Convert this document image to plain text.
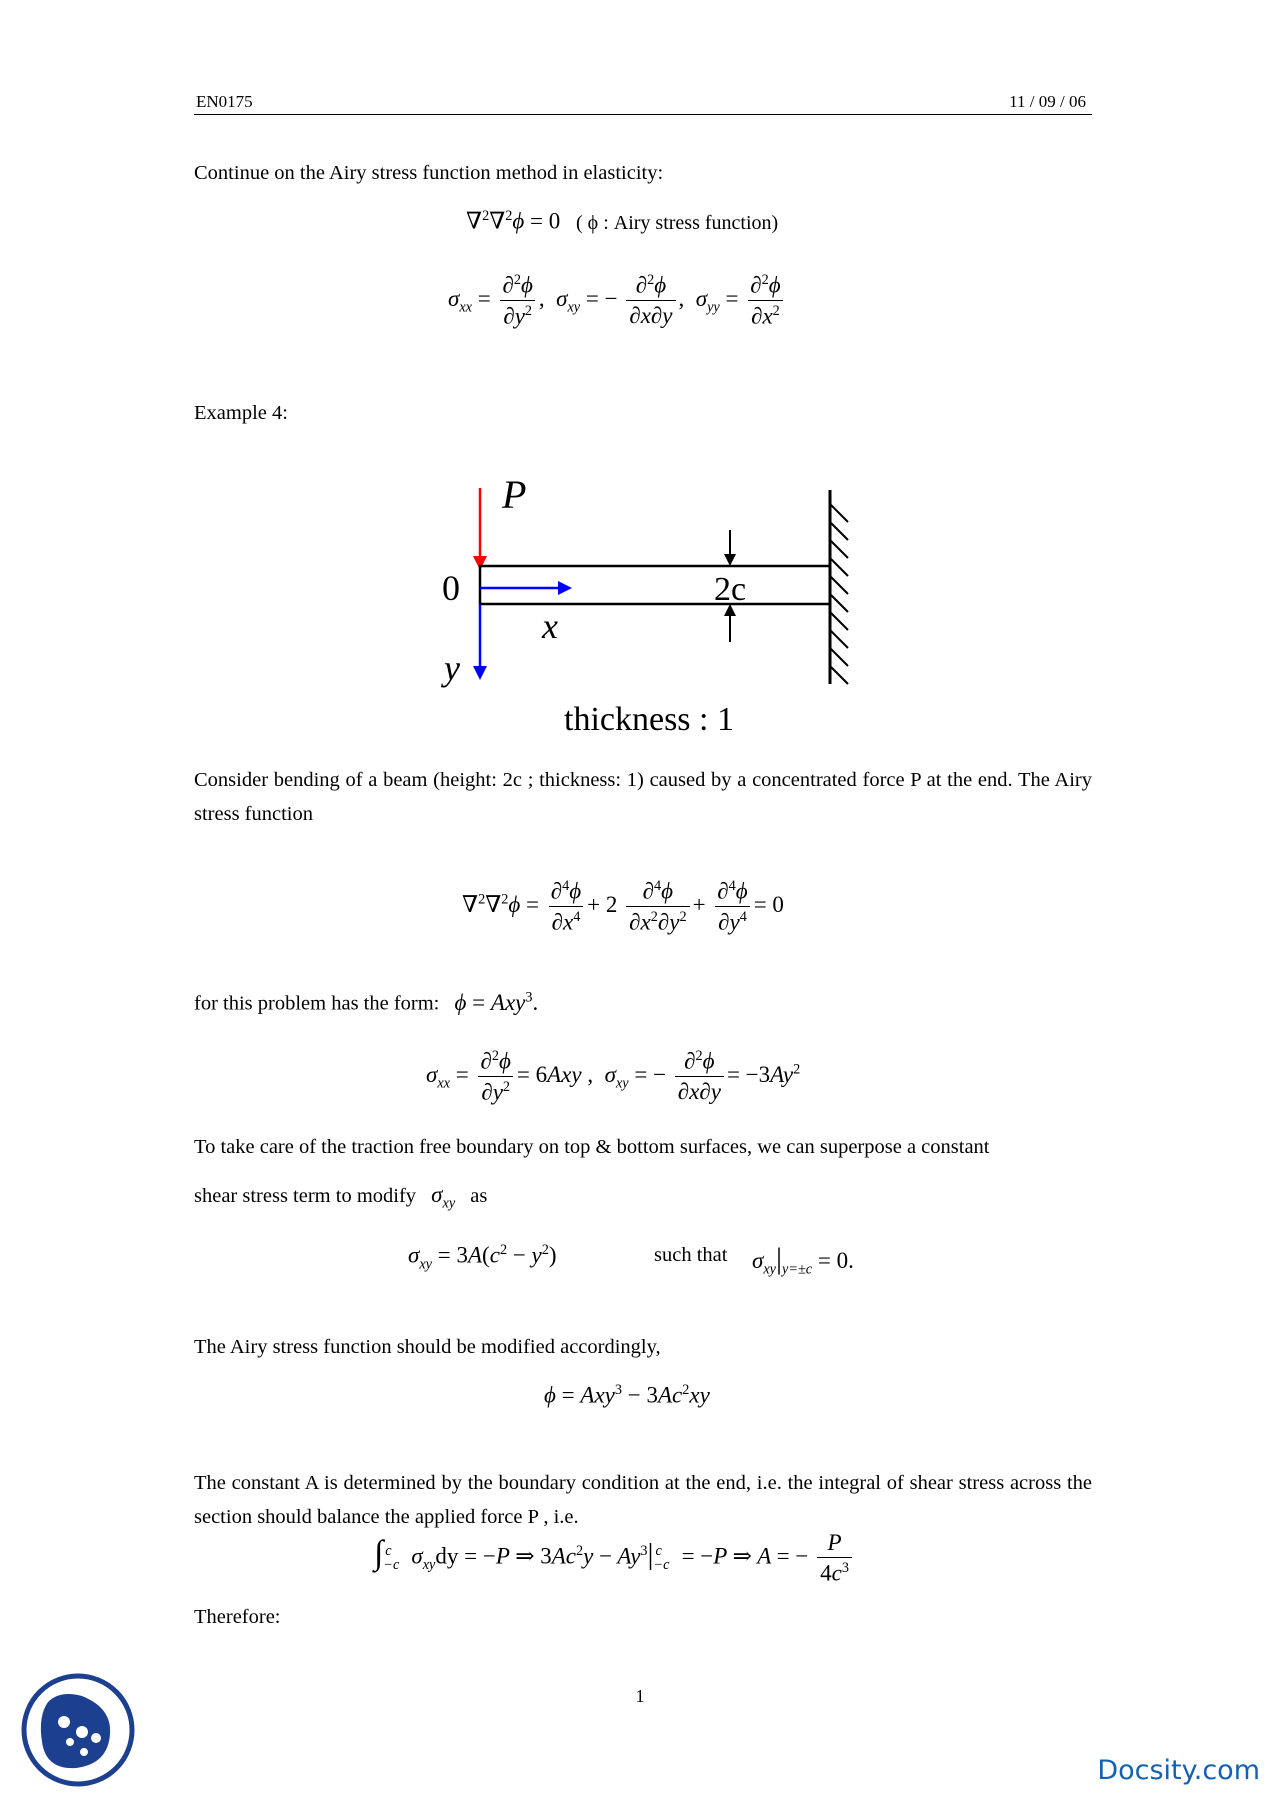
EN0175	11 / 09 / 06
Continue on the Airy stress function method in elasticity:
∇$^2$∇$^2$ϕ = 0 ( ϕ : Airy stress function)
$\sigma_{xx} = \frac{\partial^2\phi}{\partial y^2}$ ,  $\sigma_{xy}$ = − $\frac{\partial^2\phi}{\partial x\partial y}$ ,  $\sigma_{yy} = \frac{\partial^2\phi}{\partial x^2}$
Example 4:
P
0
x
y
2c
thickness : 1
Consider bending of a beam (height: 2c ; thickness: 1) caused by a concentrated force P at the end. The Airy stress function
$\nabla^2\nabla^2\phi = \frac{\partial^4\phi}{\partial x^4} + 2 \frac{\partial^4\phi}{\partial x^2\partial y^2} + \frac{\partial^4\phi}{\partial y^4} = 0$
for this problem has the form: ϕ = Axy$^3$.
$\sigma_{xx} = \frac{\partial^2\phi}{\partial y^2} = 6Axy$ ,  $\sigma_{xy}$ = − $\frac{\partial^2\phi}{\partial x\partial y} = -3Ay^2$
To take care of the traction free boundary on top & bottom surfaces, we can superpose a constant
shear stress term to modify $\sigma_{xy}$ as
$\sigma_{xy} = 3A(c^2 - y^2)$	such that $\sigma_{xy}|_{y=\pm c} = 0$.
The Airy stress function should be modified accordingly,
$\phi = Axy^3 - 3Ac^2xy$
The constant A is determined by the boundary condition at the end, i.e. the integral of shear stress across the section should balance the applied force P , i.e.
$\int_{-c}^c$ $\sigma_{xy}dy = -P$ ⇒ $3Ac^2y - Ay^3|_{-c}^c = -P$ ⇒ A = − $\frac{P}{4c^3}$
Therefore:
1
Docsity.com
